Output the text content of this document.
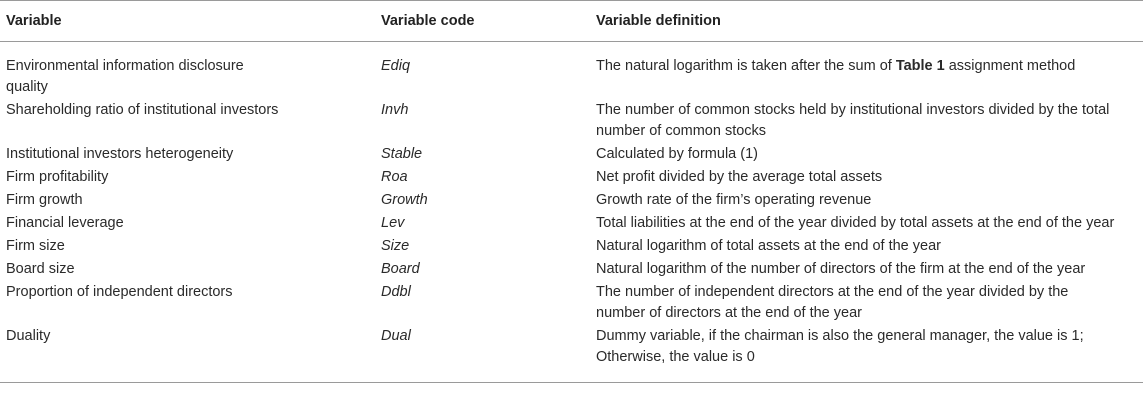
Variable	Variable code	Variable definition
Environmental information disclosure
quality	Ediq	The natural logarithm is taken after the sum of Table 1 assignment method
Shareholding ratio of institutional investors	Invh	The number of common stocks held by institutional investors divided by the total
number of common stocks
Institutional investors heterogeneity	Stable	Calculated by formula (1)
Firm profitability	Roa	Net profit divided by the average total assets
Firm growth	Growth	Growth rate of the firm’s operating revenue
Financial leverage	Lev	Total liabilities at the end of the year divided by total assets at the end of the year
Firm size	Size	Natural logarithm of total assets at the end of the year
Board size	Board	Natural logarithm of the number of directors of the firm at the end of the year
Proportion of independent directors	Ddbl	The number of independent directors at the end of the year divided by the
number of directors at the end of the year
Duality	Dual	Dummy variable, if the chairman is also the general manager, the value is 1;
Otherwise, the value is 0
